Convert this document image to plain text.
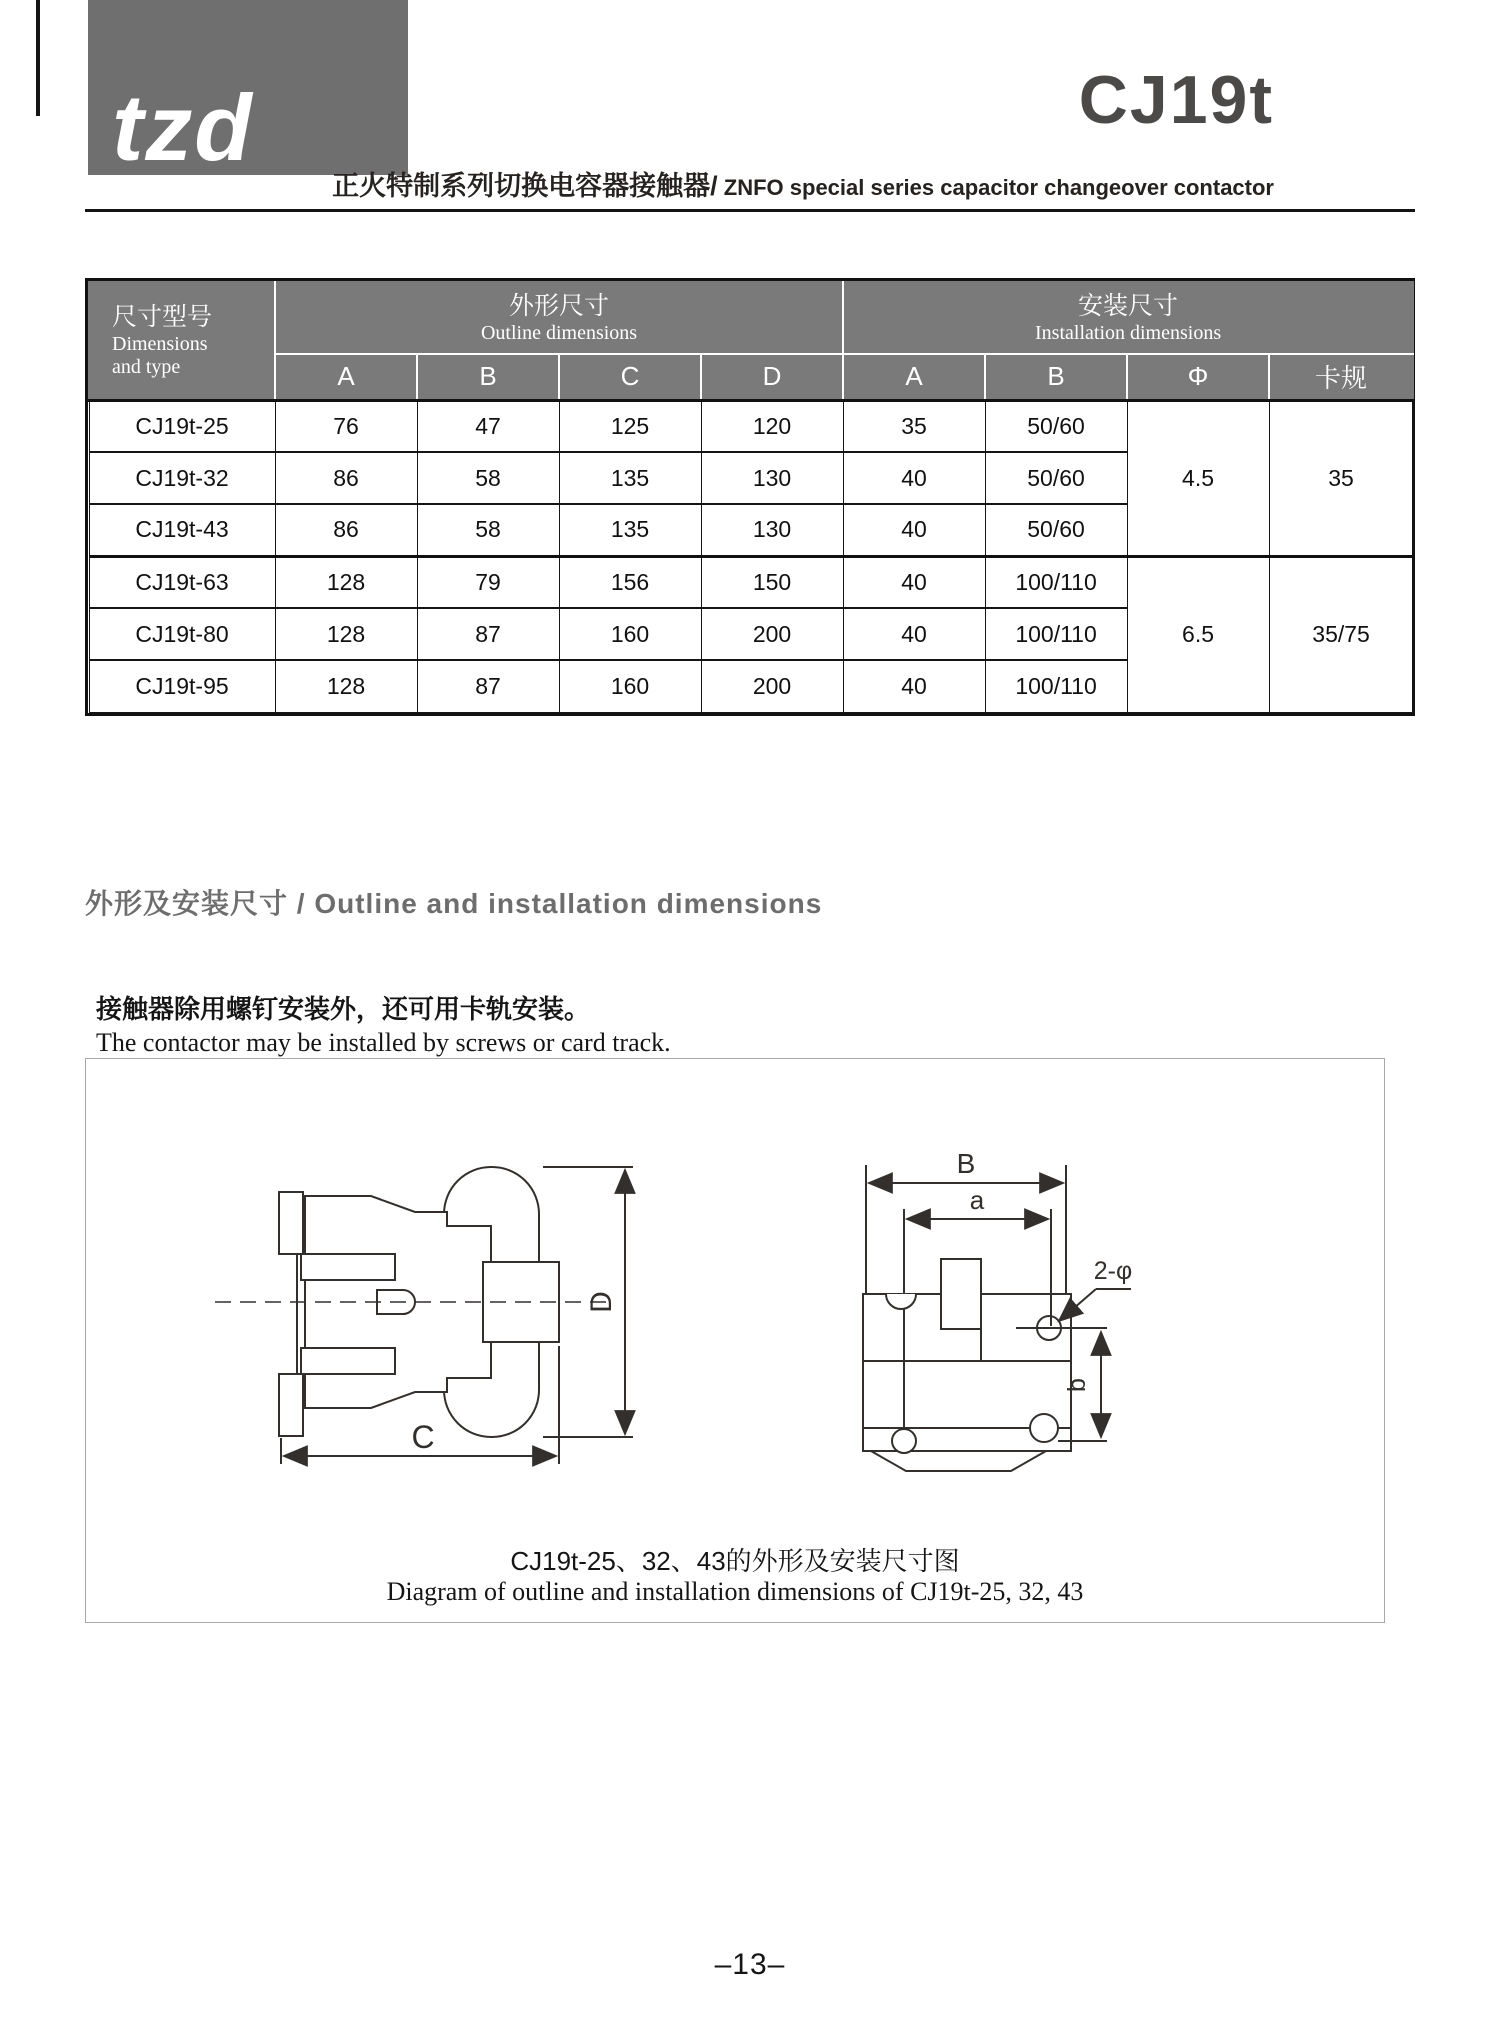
tzd	CJ19t
正火特制系列切换电容器接触器/ ZNFO special series capacitor changeover contactor
尺寸型号
Dimensions
and type	外形尺寸
Outline dimensions				安装尺寸
Installation dimensions			

	A	B	C	D	A	B	Φ	卡规
CJ19t-25	76	47	125	120	35	50/60	4.5	35
CJ19t-32	86	58	135	130	40	50/60		
CJ19t-43	86	58	135	130	40	50/60		
CJ19t-63	128	79	156	150	40	100/110	6.5	35/75
CJ19t-80	128	87	160	200	40	100/110		
CJ19t-95	128	87	160	200	40	100/110		
外形及安装尺寸 / Outline and installation dimensions
接触器除用螺钉安装外，还可用卡轨安装。
The contactor may be installed by screws or card track.
C
D
B
a
2-φ
b
CJ19t-25、32、43的外形及安装尺寸图
Diagram of outline and installation dimensions of CJ19t-25, 32, 43
–13–
